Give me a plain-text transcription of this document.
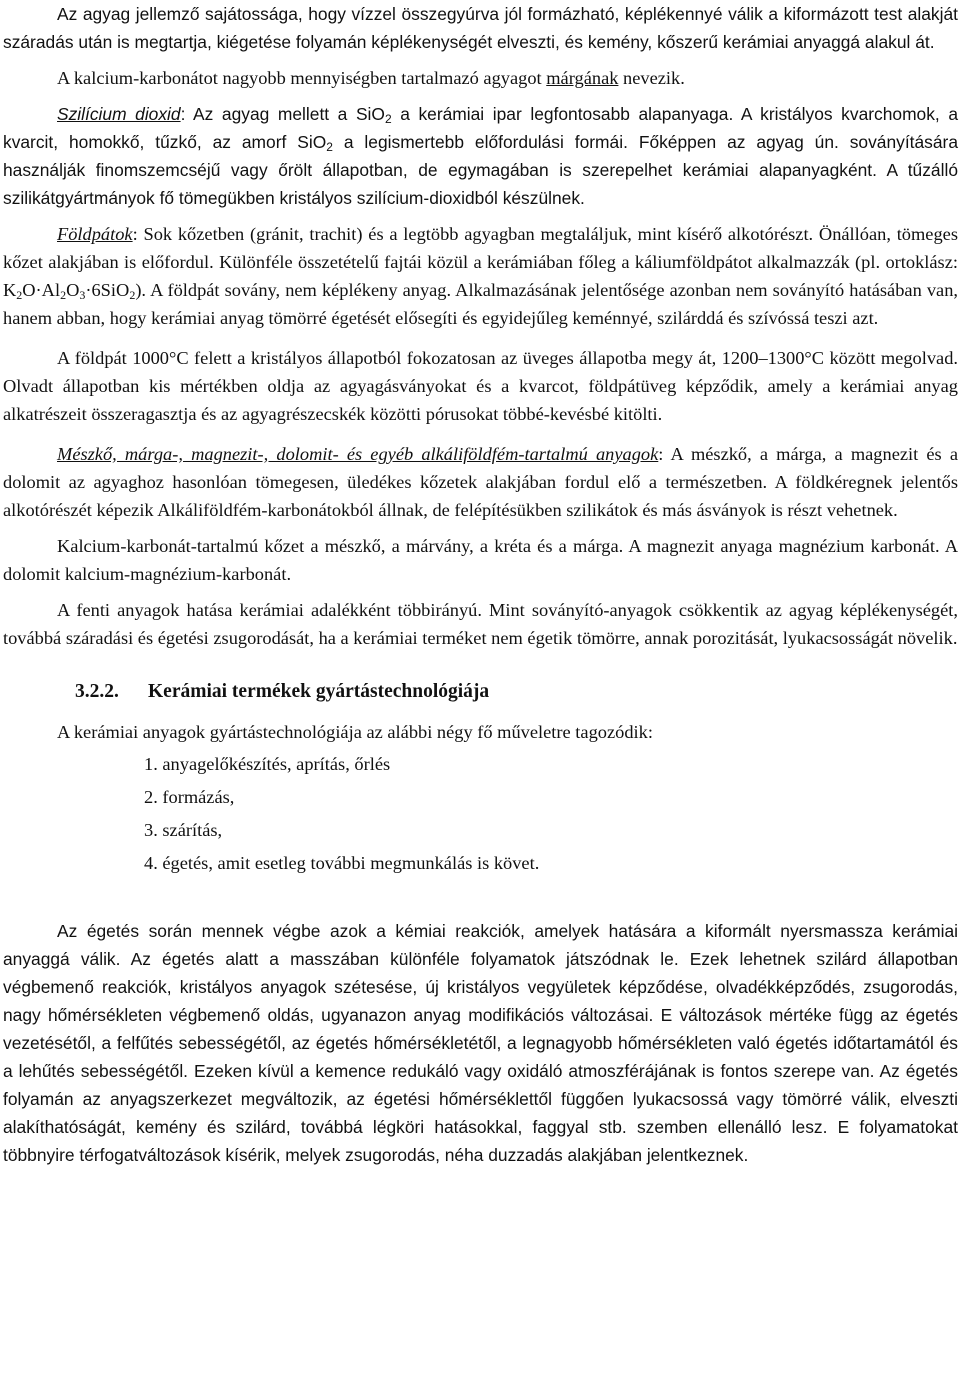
Az agyag jellemző sajátossága, hogy vízzel összegyúrva jól formázható, képlékennyé válik a kiformázott test alakját száradás után is megtartja, kiégetése folyamán képlékenységét elveszti, és kemény, kőszerű kerámiai anyaggá alakul át.

A kalcium-karbonátot nagyobb mennyiségben tartalmazó agyagot márgának nevezik.

Szilícium dioxid: Az agyag mellett a SiO$_2$ a kerámiai ipar legfontosabb alapanyaga. A kristályos kvarchomok, a kvarcit, homokkő, tűzkő, az amorf SiO$_2$ a legismertebb előfordulási formái. Főképpen az agyag ún. soványítására használják finomszemcséjű vagy őrölt állapotban, de egymagában is szerepelhet kerámiai alapanyagként. A tűzálló szilikátgyártmányok fő tömegükben kristályos szilícium-dioxidból készülnek.

Földpátok: Sok kőzetben (gránit, trachit) és a legtöbb agyagban megtaláljuk, mint kísérő alkotórészt. Önállóan, tömeges kőzet alakjában is előfordul. Különféle összetételű fajtái közül a kerámiában főleg a káliumföldpátot alkalmazzák (pl. ortoklász: $K_2O\cdot Al_2O_3\cdot 6SiO_2$). A földpát sovány, nem képlékeny anyag. Alkalmazásának jelentősége azonban nem soványító hatásában van, hanem abban, hogy kerámiai anyag tömörré égetését elősegíti és egyidejűleg keménnyé, szilárddá és szívóssá teszi azt.

A földpát 1000°C felett a kristályos állapotból fokozatosan az üveges állapotba megy át, 1200–1300°C között megolvad. Olvadt állapotban kis mértékben oldja az agyagásványokat és a kvarcot, földpátüveg képződik, amely a kerámiai anyag alkatrészeit összeragasztja és az agyagrészecskék közötti pórusokat többé-kevésbé kitölti.

Mészkő, márga-, magnezit-, dolomit- és egyéb alkáliföldfém-tartalmú anyagok: A mészkő, a márga, a magnezit és a dolomit az agyaghoz hasonlóan tömegesen, üledékes kőzetek alakjában fordul elő a természetben. A földkéregnek jelentős alkotórészét képezik Alkáliföldfém-karbonátokból állnak, de felépítésükben szilikátok és más ásványok is részt vehetnek.

Kalcium-karbonát-tartalmú kőzet a mészkő, a márvány, a kréta és a márga. A magnezit anyaga magnézium karbonát. A dolomit kalcium-magnézium-karbonát.

A fenti anyagok hatása kerámiai adalékként többirányú. Mint soványító-anyagok csökkentik az agyag képlékenységét, továbbá száradási és égetési zsugorodását, ha a kerámiai terméket nem égetik tömörre, annak porozitását, lyukacsosságát növelik.

3.2.2. Kerámiai termékek gyártástechnológiája

A kerámiai anyagok gyártástechnológiája az alábbi négy fő műveletre tagozódik:

1. anyagelőkészítés, aprítás, őrlés
2. formázás,
3. szárítás,
4. égetés, amit esetleg további megmunkálás is követ.

Az égetés során mennek végbe azok a kémiai reakciók, amelyek hatására a kiformált nyersmassza kerámiai anyaggá válik. Az égetés alatt a masszában különféle folyamatok játszódnak le. Ezek lehetnek szilárd állapotban végbemenő reakciók, kristályos anyagok szétesése, új kristályos vegyületek képződése, olvadékképződés, zsugorodás, nagy hőmérsékleten végbemenő oldás, ugyanazon anyag modifikációs változásai. E változások mértéke függ az égetés vezetésétől, a felfűtés sebességétől, az égetés hőmérsékletétől, a legnagyobb hőmérsékleten való égetés időtartamától és a lehűtés sebességétől. Ezeken kívül a kemence redukáló vagy oxidáló atmoszférájának is fontos szerepe van. Az égetés folyamán az anyagszerkezet megváltozik, az égetési hőmérséklettől függően lyukacsossá vagy tömörré válik, elveszti alakíthatóságát, kemény és szilárd, továbbá légköri hatásokkal, faggyal stb. szemben ellenálló lesz. E folyamatokat többnyire térfogatváltozások kísérik, melyek zsugorodás, néha duzzadás alakjában jelentkeznek.
